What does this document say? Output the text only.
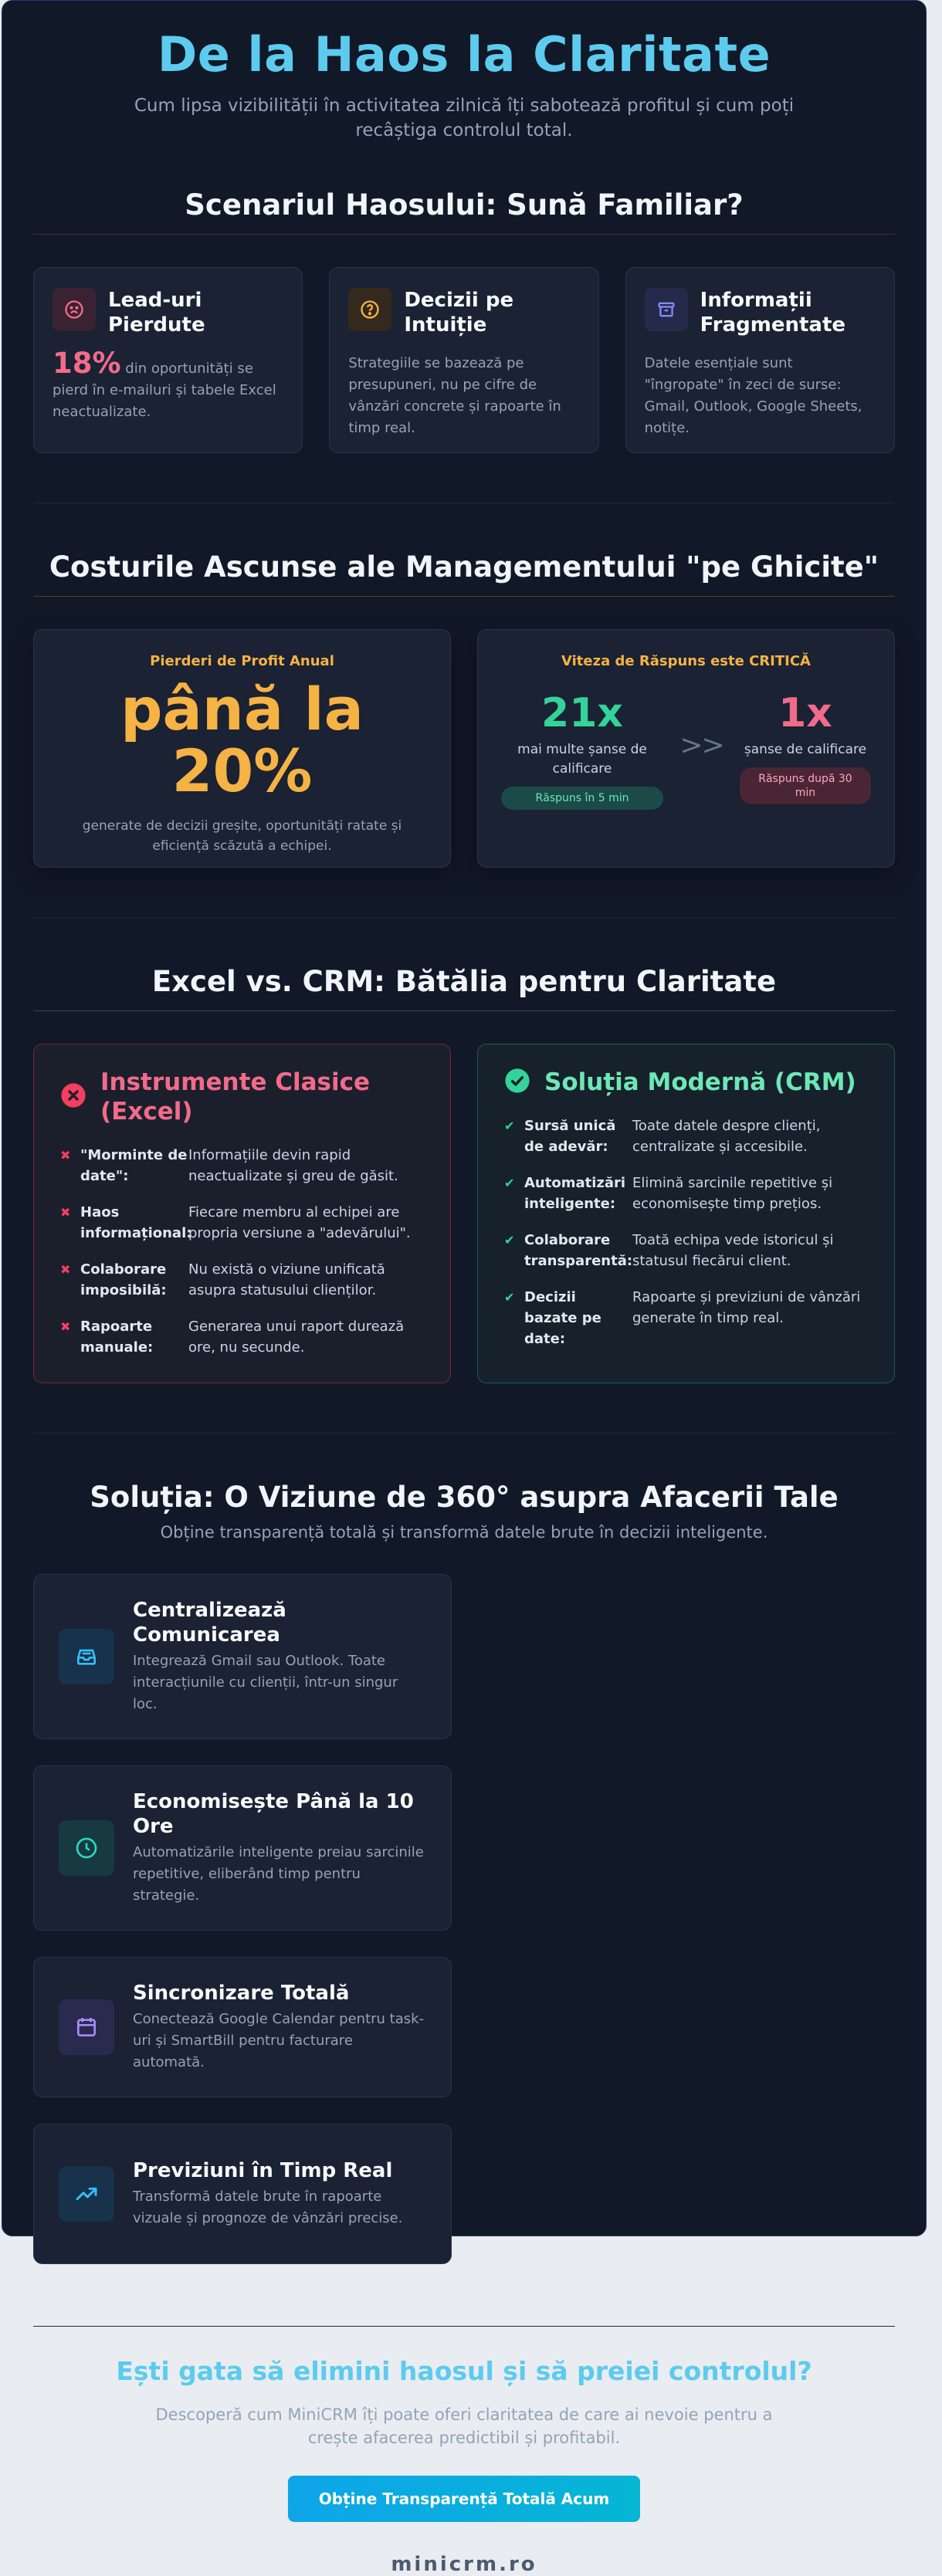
De la Haos la Claritate

Cum lipsa vizibilității în activitatea zilnică îți sabotează profitul și cum poți recâștiga controlul total.

Scenariul Haosului: Sună Familiar?
Lead-uri Pierdute
18% din oportunități se pierd în e-mailuri și tabele Excel neactualizate.
Decizii pe Intuiție
Strategiile se bazează pe presupuneri, nu pe cifre de vânzări concrete și rapoarte în timp real.
Informații Fragmentate
Datele esențiale sunt "îngropate" în zeci de surse: Gmail, Outlook, Google Sheets, notițe.
Costurile Ascunse ale Managementului "pe Ghicite"
Pierderi de Profit Anual
până la
20%
generate de decizii greșite, oportunități ratate și eficiență scăzută a echipei.
Viteza de Răspuns este CRITICĂ
21x
mai multe șanse de calificare
Răspuns în 5 min
>>
1x
șanse de calificare
Răspuns după 30 min
Excel vs. CRM: Bătălia pentru Claritate
Instrumente Clasice (Excel)
✖ "Morminte de date":
Informațiile devin rapid neactualizate și greu de găsit.
✖ Haos informațional:
Fiecare membru al echipei are propria versiune a "adevărului".
✖ Colaborare imposibilă:
Nu există o viziune unificată asupra statusului clienților.
✖ Rapoarte manuale:
Generarea unui raport durează ore, nu secunde.
Soluția Modernă (CRM)
✔ Sursă unică de adevăr:
Toate datele despre clienți, centralizate și accesibile.
✔ Automatizări inteligente:
Elimină sarcinile repetitive și economisește timp prețios.
✔ Colaborare transparentă:
Toată echipa vede istoricul și statusul fiecărui client.
✔ Decizii bazate pe date:
Rapoarte și previziuni de vânzări generate în timp real.
Soluția: O Viziune de 360° asupra Afacerii Tale
Obține transparență totală și transformă datele brute în decizii inteligente.
Centralizează Comunicarea

Integrează Gmail sau Outlook. Toate interacțiunile cu clienții, într-un singur loc.

Economisește Până la 10 Ore

Automatizările inteligente preiau sarcinile repetitive, eliberând timp pentru strategie.

Sincronizare Totală

Conectează Google Calendar pentru task-uri și SmartBill pentru facturare automată.

Previziuni în Timp Real

Transformă datele brute în rapoarte vizuale și prognoze de vânzări precise.

Ești gata să elimini haosul și să preiei controlul?

Descoperă cum MiniCRM îți poate oferi claritatea de care ai nevoie pentru a crește afacerea predictibil și profitabil.

Obține Transparență Totală Acum
minicrm.ro
